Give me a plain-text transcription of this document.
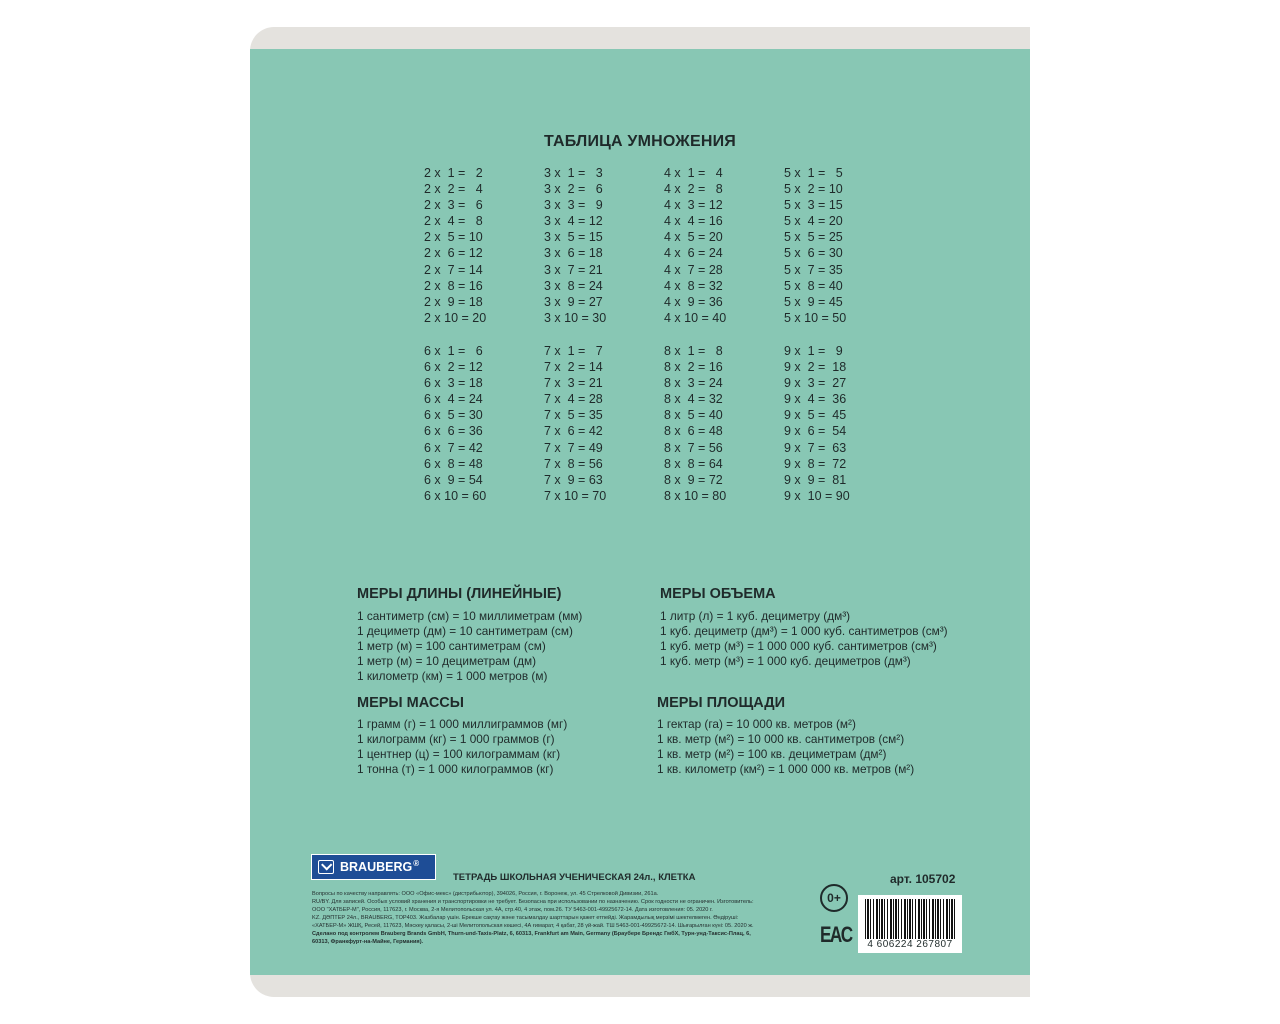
ТАБЛИЦА УМНОЖЕНИЯ
2 x  1 =   2
2 x  2 =   4
2 x  3 =   6
2 x  4 =   8
2 x  5 = 10
2 x  6 = 12
2 x  7 = 14
2 x  8 = 16
2 x  9 = 18
2 x 10 = 20
3 x  1 =   3
3 x  2 =   6
3 x  3 =   9
3 x  4 = 12
3 x  5 = 15
3 x  6 = 18
3 x  7 = 21
3 x  8 = 24
3 x  9 = 27
3 x 10 = 30
4 x  1 =   4
4 x  2 =   8
4 x  3 = 12
4 x  4 = 16
4 x  5 = 20
4 x  6 = 24
4 x  7 = 28
4 x  8 = 32
4 x  9 = 36
4 x 10 = 40
5 x  1 =   5
5 x  2 = 10
5 x  3 = 15
5 x  4 = 20
5 x  5 = 25
5 x  6 = 30
5 x  7 = 35
5 x  8 = 40
5 x  9 = 45
5 x 10 = 50
6 x  1 =   6
6 x  2 = 12
6 x  3 = 18
6 x  4 = 24
6 x  5 = 30
6 x  6 = 36
6 x  7 = 42
6 x  8 = 48
6 x  9 = 54
6 x 10 = 60
7 x  1 =   7
7 x  2 = 14
7 x  3 = 21
7 x  4 = 28
7 x  5 = 35
7 x  6 = 42
7 x  7 = 49
7 x  8 = 56
7 x  9 = 63
7 x 10 = 70
8 x  1 =   8
8 x  2 = 16
8 x  3 = 24
8 x  4 = 32
8 x  5 = 40
8 x  6 = 48
8 x  7 = 56
8 x  8 = 64
8 x  9 = 72
8 x 10 = 80
9 x  1 =   9
9 x  2 =  18
9 x  3 =  27
9 x  4 =  36
9 x  5 =  45
9 x  6 =  54
9 x  7 =  63
9 x  8 =  72
9 x  9 =  81
9 x  10 = 90
МЕРЫ ДЛИНЫ (ЛИНЕЙНЫЕ)
1 сантиметр (см) = 10 миллиметрам (мм)
1 дециметр (дм) = 10 сантиметрам (см)
1 метр (м) = 100 сантиметрам (см)
1 метр (м) = 10 дециметрам (дм)
1 километр (км) = 1 000 метров (м)
МЕРЫ ОБЪЕМА
1 литр (л) = 1 куб. дециметру (дм³)
1 куб. дециметр (дм³) = 1 000 куб. сантиметров (см³)
1 куб. метр (м³) = 1 000 000 куб. сантиметров (см³)
1 куб. метр (м³) = 1 000 куб. дециметров (дм³)
МЕРЫ МАССЫ
1 грамм (г) = 1 000 миллиграммов (мг)
1 килограмм (кг) = 1 000 граммов (г)
1 центнер (ц) = 100 килограммам (кг)
1 тонна (т) = 1 000 килограммов (кг)
МЕРЫ ПЛОЩАДИ
1 гектар (га) = 10 000 кв. метров (м²)
1 кв. метр (м²) = 10 000 кв. сантиметров (см²)
1 кв. метр (м²) = 100 кв. дециметрам (дм²)
1 кв. километр (км²) = 1 000 000 кв. метров (м²)
BRAUBERG ®
ТЕТРАДЬ ШКОЛЬНАЯ УЧЕНИЧЕСКАЯ 24л., КЛЕТКА	арт. 105702
Вопросы по качеству направлять: ООО «Офис-мекс» (дистрибьютор), 394026, Россия, г. Воронеж, ул. 45 Стрелковой Дивизии, 261а.
RU/BY. Для записей. Особых условий хранения и транспортировки не требует. Безопасна при использовании по назначению. Срок годности не ограничен. Изготовитель:
ООО "ХАТБЕР-М", Россия, 117623, г. Москва, 2-я Мелитопольская ул. 4А, стр.40, 4 этаж, пом.26. ТУ 5463-001-49925672-14. Дата изготовления: 05. 2020 г.
KZ. ДӘПТЕР 24л., BRAUBERG, TOP403. Жазбалар үшін. Ерекше сақтау және тасымалдау шарттарын қажет етпейді. Жарамдылық мерзімі шектелмеген. Өндіруші:
«ХАТБЕР-М» ЖШҚ, Ресей, 117623, Мәскеу қаласы, 2-ші Мелитопольская көшесі, 4А ғимарат, 4 қабат, 28 үй-жай. ТШ 5463-001-49925672-14. Шығарылған күні: 05. 2020 ж.
Сделано под контролем Brauberg Brands GmbH, Thurn-und-Taxis-Platz, 6, 60313, Frankfurt am Main, Germany (Браубере Брендс ГмбХ, Турн-унд-Таксис-Плац, 6,
60313, Франкфурт-на-Майне, Германия).
0+
EAC	4 606224 267807
